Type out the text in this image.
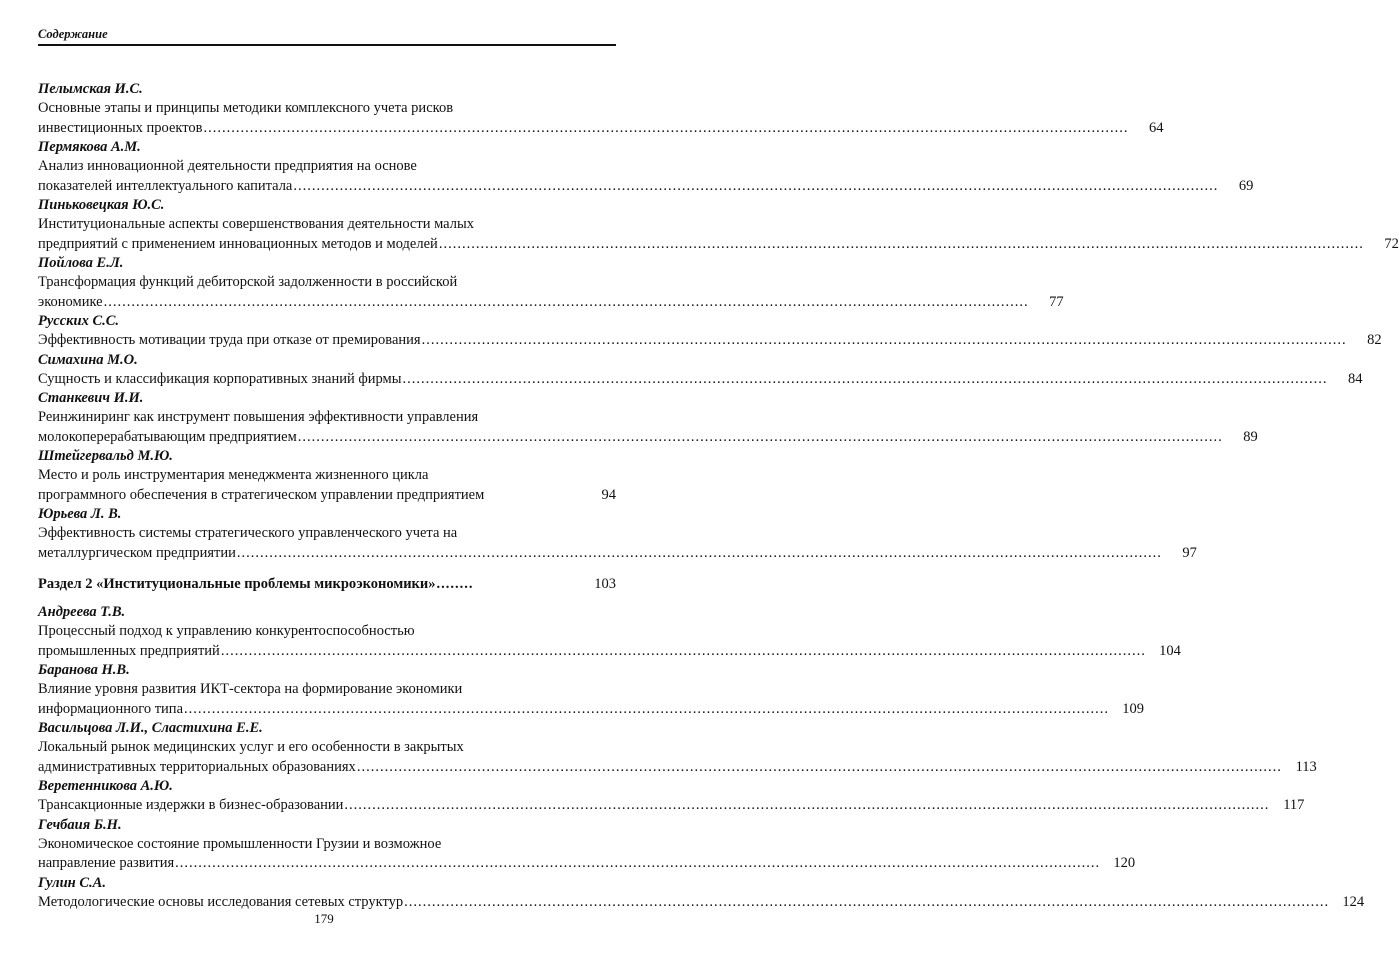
Содержание
Пелымская И.С.
Основные этапы и принципы методики комплексного учета рисков
инвестиционных проектов ........................................................................................................................................................................................................	64
Пермякова А.М.
Анализ инновационной деятельности предприятия на основе
показателей интеллектуального капитала ........................................................................................................................................................................................................	69
Пиньковецкая Ю.С.
Институциональные аспекты совершенствования деятельности малых
предприятий с применением инновационных методов и моделей ........................................................................................................................................................................................................	72
Пойлова Е.Л.
Трансформация функций дебиторской задолженности в российской
экономике ........................................................................................................................................................................................................	77
Русских С.С.
Эффективность мотивации труда при отказе от премирования ........................................................................................................................................................................................................	82
Симахина М.О.
Сущность и классификация корпоративных знаний фирмы ........................................................................................................................................................................................................	84
Станкевич И.И.
Реинжиниринг как инструмент повышения эффективности управления
молокоперерабатывающим предприятием ........................................................................................................................................................................................................	89
Штейгервальд М.Ю.
Место и роль инструментария менеджмента жизненного цикла
программного обеспечения в стратегическом управлении предприятием	94
Юрьева Л. В.
Эффективность системы стратегического управленческого учета на
металлургическом предприятии ........................................................................................................................................................................................................	97
Раздел 2 «Институциональные проблемы микроэкономики» ........	103
Андреева Т.В.
Процессный подход к управлению конкурентоспособностью
промышленных предприятий ........................................................................................................................................................................................................ 104
Баранова Н.В.
Влияние уровня развития ИКТ-сектора на формирование экономики
информационного типа ........................................................................................................................................................................................................ 109
Васильцова Л.И., Сластихина Е.Е.
Локальный рынок медицинских услуг и его особенности в закрытых
административных территориальных образованиях ........................................................................................................................................................................................................ 113
Веретенникова А.Ю.
Трансакционные издержки в бизнес-образовании ........................................................................................................................................................................................................ 117
Гечбаия Б.Н.
Экономическое состояние промышленности Грузии и возможное
направление развития ........................................................................................................................................................................................................ 120
Гулин С.А.
Методологические основы исследования сетевых структур ........................................................................................................................................................................................................ 124
179
